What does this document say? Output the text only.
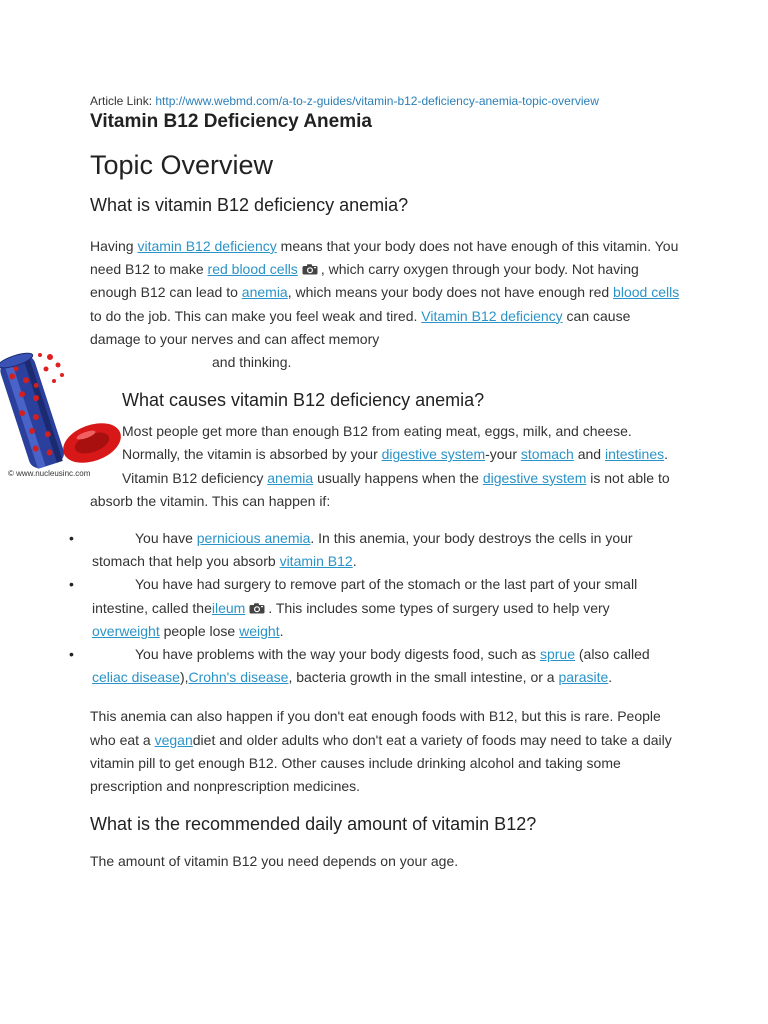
Article Link: http://www.webmd.com/a-to-z-guides/vitamin-b12-deficiency-anemia-topic-overview
Vitamin B12 Deficiency Anemia
Topic Overview
What is vitamin B12 deficiency anemia?

Having vitamin B12 deficiency means that your body does not have enough of this vitamin. You need B12 to make red blood cells , which carry oxygen through your body. Not having enough B12 can lead to anemia, which means your body does not have enough red blood cells to do the job. This can make you feel weak and tired. Vitamin B12 deficiency can cause damage to your nerves and can affect memory

© www.nucleusinc.com

and thinking.

What causes vitamin B12 deficiency anemia?

Most people get more than enough B12 from eating meat, eggs, milk, and cheese. Normally, the vitamin is absorbed by your digestive system-your stomach and intestines. Vitamin B12 deficiency anemia usually happens when the digestive system is not able to absorb the vitamin. This can happen if:

•	You have pernicious anemia. In this anemia, your body destroys the cells in your stomach that help you absorb vitamin B12.
•	You have had surgery to remove part of the stomach or the last part of your small intestine, called theileum . This includes some types of surgery used to help very overweight people lose weight.
•	You have problems with the way your body digests food, such as sprue (also called celiac disease),Crohn's disease, bacteria growth in the small intestine, or a parasite.

This anemia can also happen if you don't eat enough foods with B12, but this is rare. People who eat a vegandiet and older adults who don't eat a variety of foods may need to take a daily vitamin pill to get enough B12. Other causes include drinking alcohol and taking some prescription and nonprescription medicines.

What is the recommended daily amount of vitamin B12?

The amount of vitamin B12 you need depends on your age.
